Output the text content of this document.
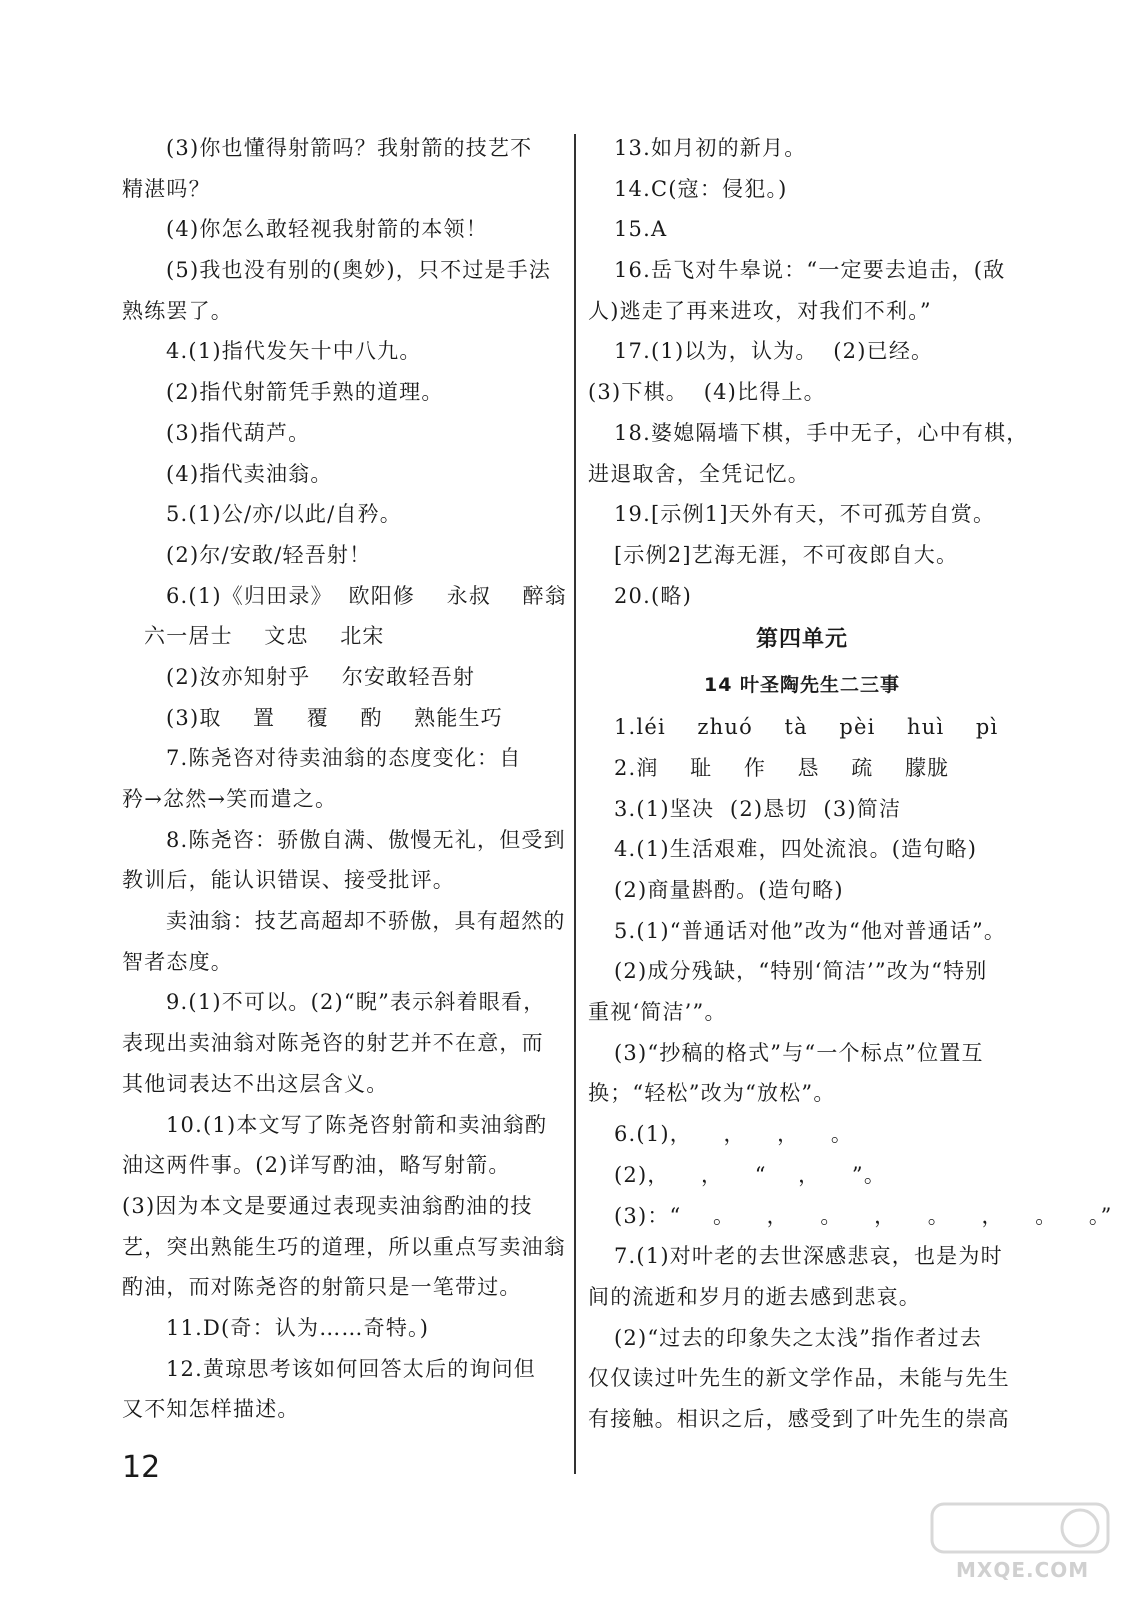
(3)你也懂得射箭吗？我射箭的技艺不
精湛吗？
(4)你怎么敢轻视我射箭的本领！
(5)我也没有别的(奥妙)，只不过是手法
熟练罢了。
4.(1)指代发矢十中八九。
(2)指代射箭凭手熟的道理。
(3)指代葫芦。
(4)指代卖油翁。
5.(1)公/亦/以此/自矜。
(2)尔/安敢/轻吾射！
6.(1)《归田录》  欧阳修    永叔    醉翁
六一居士    文忠    北宋
(2)汝亦知射乎    尔安敢轻吾射
(3)取    置    覆    酌    熟能生巧
7.陈尧咨对待卖油翁的态度变化：自
矜→忿然→笑而遣之。
8.陈尧咨：骄傲自满、傲慢无礼，但受到
教训后，能认识错误、接受批评。
卖油翁：技艺高超却不骄傲，具有超然的
智者态度。
9.(1)不可以。(2)“睨”表示斜着眼看，
表现出卖油翁对陈尧咨的射艺并不在意，而
其他词表达不出这层含义。
10.(1)本文写了陈尧咨射箭和卖油翁酌
油这两件事。(2)详写酌油，略写射箭。
(3)因为本文是要通过表现卖油翁酌油的技
艺，突出熟能生巧的道理，所以重点写卖油翁
酌油，而对陈尧咨的射箭只是一笔带过。
11.D(奇：认为……奇特。)
12.黄琼思考该如何回答太后的询问但
又不知怎样描述。
13.如月初的新月。
14.C(寇：侵犯。)
15.A
16.岳飞对牛皋说：“一定要去追击，(敌
人)逃走了再来进攻，对我们不利。”
17.(1)以为，认为。  (2)已经。
(3)下棋。  (4)比得上。
18.婆媳隔墙下棋，手中无子，心中有棋，
进退取舍，全凭记忆。
19.[示例1]天外有天，不可孤芳自赏。
[示例2]艺海无涯，不可夜郎自大。
20.(略)
第四单元
14 叶圣陶先生二三事
1.léi    zhuó    tà    pèi    huì    pì
2.润    耻    作    恳    疏    朦胧
3.(1)坚决  (2)恳切  (3)简洁
4.(1)生活艰难，四处流浪。(造句略)
(2)商量斟酌。(造句略)
5.(1)“普通话对他”改为“他对普通话”。
(2)成分残缺，“特别‘简洁’”改为“特别
重视‘简洁’”。
(3)“抄稿的格式”与“一个标点”位置互
换；“轻松”改为“放松”。
6.(1)，    ，    ，    。
(2)，    ，    “    ，    ”。
(3)：“    。    ，    。    ，    。    ，    。    。”
7.(1)对叶老的去世深感悲哀，也是为时
间的流逝和岁月的逝去感到悲哀。
(2)“过去的印象失之太浅”指作者过去
仅仅读过叶先生的新文学作品，未能与先生
有接触。相识之后，感受到了叶先生的崇高
12
MXQE.COM
